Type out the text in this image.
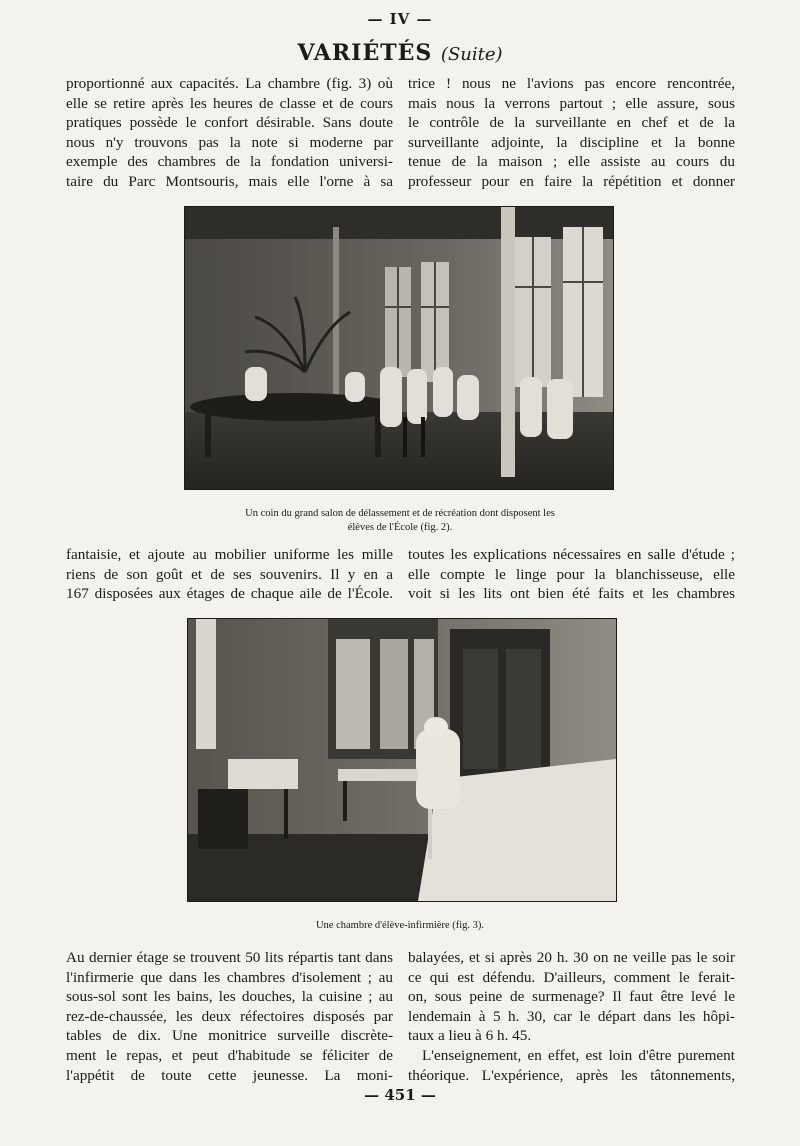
— IV —
VARIÉTÉS (Suite)
proportionné aux capacités. La chambre (fig. 3) où
elle se retire après les heures de classe et de cours
pratiques possède le confort désirable. Sans doute
nous n'y trouvons pas la note si moderne par
exemple des chambres de la fondation universi-
taire du Parc Montsouris, mais elle l'orne à sa
trice ! nous ne l'avions pas encore rencontrée,
mais nous la verrons partout ; elle assure, sous
le contrôle de la surveillante en chef et de la
surveillante adjointe, la discipline et la bonne
tenue de la maison ; elle assiste au cours du
professeur pour en faire la répétition et donner
Un coin du grand salon de délassement et de récréation dont disposent les
élèves de l'École (fig. 2).
fantaisie, et ajoute au mobilier uniforme les mille
riens de son goût et de ses souvenirs. Il y en a
167 disposées aux étages de chaque aile de l'École.
toutes les explications nécessaires en salle d'étude ;
elle compte le linge pour la blanchisseuse, elle
voit si les lits ont bien été faits et les chambres
Une chambre d'élève-infirmière (fig. 3).
Au dernier étage se trouvent 50 lits répartis tant dans
l'infirmerie que dans les chambres d'isolement ; au
sous-sol sont les bains, les douches, la cuisine ; au
rez-de-chaussée, les deux réfectoires disposés par
tables de dix. Une monitrice surveille discrète-
ment le repas, et peut d'habitude se féliciter de
l'appétit de toute cette jeunesse. La moni-
balayées, et si après 20 h. 30 on ne veille pas le soir
ce qui est défendu. D'ailleurs, comment le ferait-
on, sous peine de surmenage? Il faut être levé le
lendemain à 5 h. 30, car le départ dans les hôpi-
taux a lieu à 6 h. 45.
L'enseignement, en effet, est loin d'être purement
théorique. L'expérience, après les tâtonnements,
— 451 —
